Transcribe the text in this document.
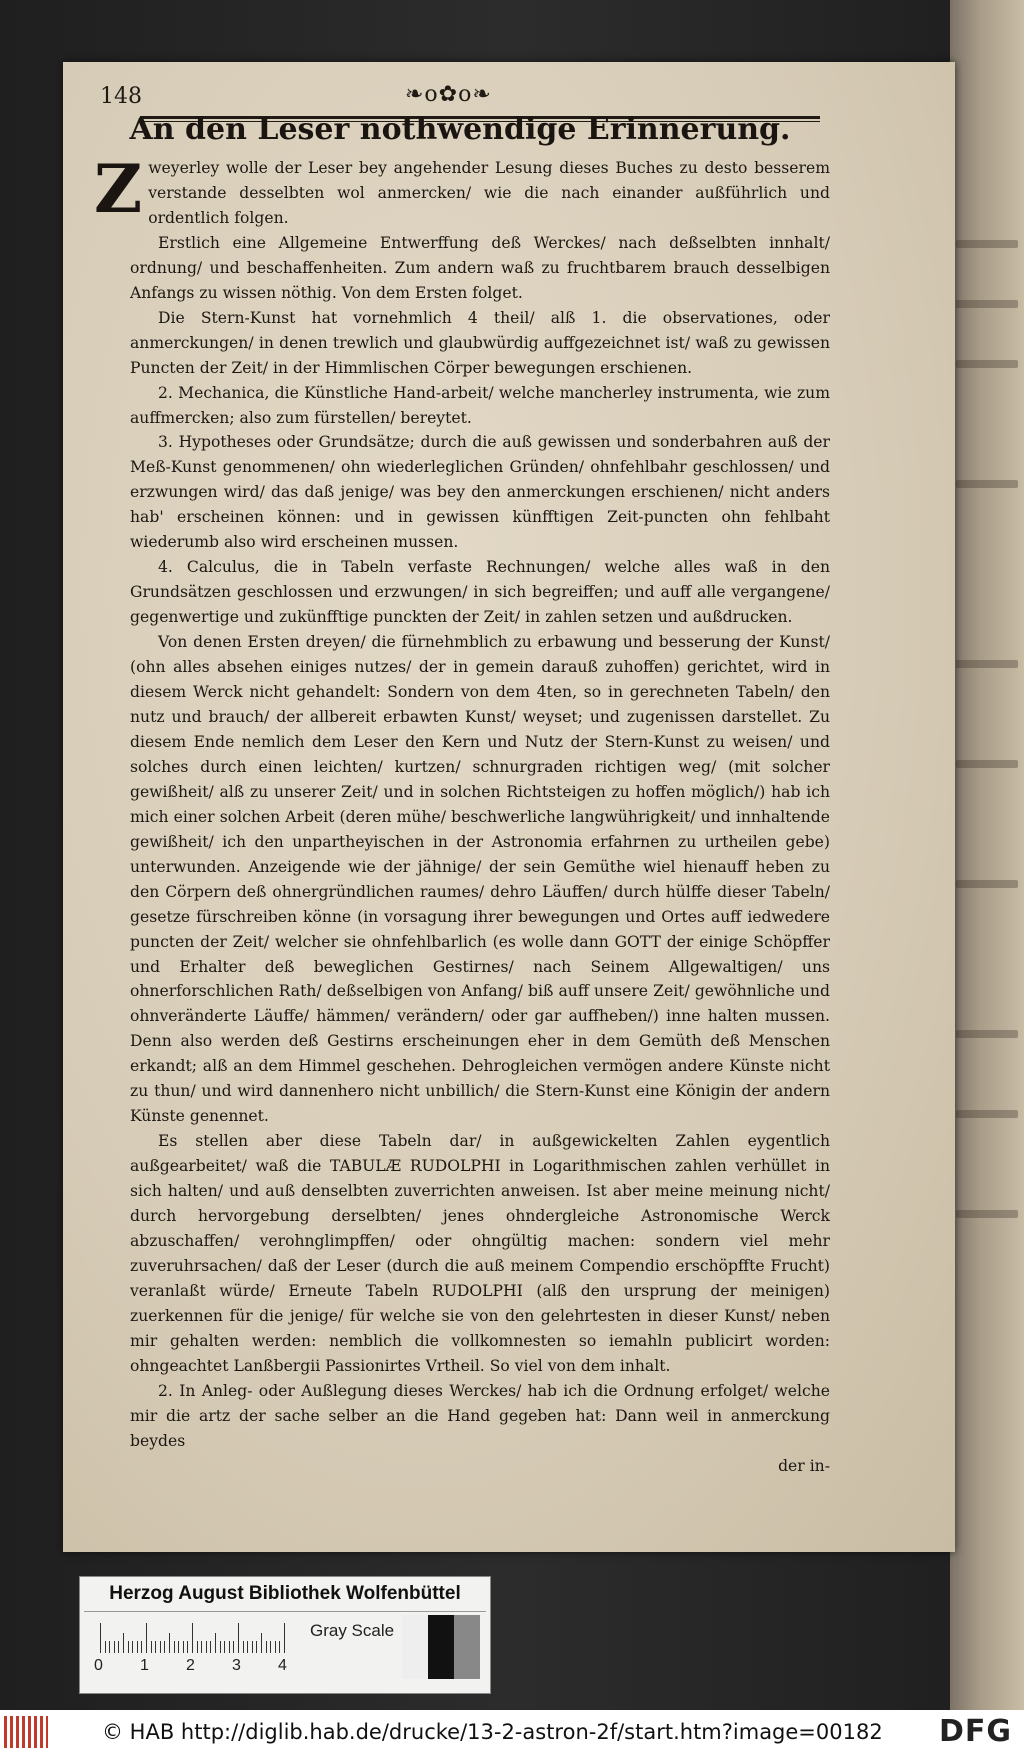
148	❧o✿o❧
An den Leser nothwendige Erinnerung.

Zweyerley wolle der Leser bey angehender Lesung dieses Buches zu desto besserem verstande desselbten wol anmercken/ wie die nach einander außführlich und ordentlich folgen.

Erstlich eine Allgemeine Entwerffung deß Werckes/ nach deßselbten innhalt/ ordnung/ und beschaffenheiten. Zum andern waß zu fruchtbarem brauch desselbigen Anfangs zu wissen nöthig. Von dem Ersten folget.

Die Stern-Kunst hat vornehmlich 4 theil/ alß 1. die observationes, oder anmerckungen/ in denen trewlich und glaubwürdig auffgezeichnet ist/ waß zu gewissen Puncten der Zeit/ in der Himmlischen Cörper bewegungen erschienen.

2. Mechanica, die Künstliche Hand-arbeit/ welche mancherley instrumenta, wie zum auffmercken; also zum fürstellen/ bereytet.

3. Hypotheses oder Grundsätze; durch die auß gewissen und sonderbahren auß der Meß-Kunst genommenen/ ohn wiederleglichen Gründen/ ohnfehlbahr geschlossen/ und erzwungen wird/ das daß jenige/ was bey den anmerckungen erschienen/ nicht anders hab' erscheinen können: und in gewissen künfftigen Zeit-puncten ohn fehlbaht wiederumb also wird erscheinen mussen.

4. Calculus, die in Tabeln verfaste Rechnungen/ welche alles waß in den Grundsätzen geschlossen und erzwungen/ in sich begreiffen; und auff alle vergangene/ gegenwertige und zukünfftige punckten der Zeit/ in zahlen setzen und außdrucken.

Von denen Ersten dreyen/ die fürnehmblich zu erbawung und besserung der Kunst/ (ohn alles absehen einiges nutzes/ der in gemein darauß zuhoffen) gerichtet, wird in diesem Werck nicht gehandelt: Sondern von dem 4ten, so in gerechneten Tabeln/ den nutz und brauch/ der allbereit erbawten Kunst/ weyset; und zugenissen darstellet. Zu diesem Ende nemlich dem Leser den Kern und Nutz der Stern-Kunst zu weisen/ und solches durch einen leichten/ kurtzen/ schnurgraden richtigen weg/ (mit solcher gewißheit/ alß zu unserer Zeit/ und in solchen Richtsteigen zu hoffen möglich/) hab ich mich einer solchen Arbeit (deren mühe/ beschwerliche langwührigkeit/ und innhaltende gewißheit/ ich den unpartheyischen in der Astronomia erfahrnen zu urtheilen gebe) unterwunden. Anzeigende wie der jähnige/ der sein Gemüthe wiel hienauff heben zu den Cörpern deß ohnergründlichen raumes/ dehro Läuffen/ durch hülffe dieser Tabeln/ gesetze fürschreiben könne (in vorsagung ihrer bewegungen und Ortes auff iedwedere puncten der Zeit/ welcher sie ohnfehlbarlich (es wolle dann GOTT der einige Schöpffer und Erhalter deß beweglichen Gestirnes/ nach Seinem Allgewaltigen/ uns ohnerforschlichen Rath/ deßselbigen von Anfang/ biß auff unsere Zeit/ gewöhnliche und ohnveränderte Läuffe/ hämmen/ verändern/ oder gar auffheben/) inne halten mussen. Denn also werden deß Gestirns erscheinungen eher in dem Gemüth deß Menschen erkandt; alß an dem Himmel geschehen. Dehrogleichen vermögen andere Künste nicht zu thun/ und wird dannenhero nicht unbillich/ die Stern-Kunst eine Königin der andern Künste genennet.

Es stellen aber diese Tabeln dar/ in außgewickelten Zahlen eygentlich außgearbeitet/ waß die TABULÆ RUDOLPHI in Logarithmischen zahlen verhüllet in sich halten/ und auß denselbten zuverrichten anweisen. Ist aber meine meinung nicht/ durch hervorgebung derselbten/ jenes ohndergleiche Astronomische Werck abzuschaffen/ verohnglimpffen/ oder ohngültig machen: sondern viel mehr zuveruhrsachen/ daß der Leser (durch die auß meinem Compendio erschöpffte Frucht) veranlaßt würde/ Erneute Tabeln RUDOLPHI (alß den ursprung der meinigen) zuerkennen für die jenige/ für welche sie von den gelehrtesten in dieser Kunst/ neben mir gehalten werden: nemblich die vollkomnesten so iemahln publicirt worden: ohngeachtet Lanßbergii Passionirtes Vrtheil. So viel von dem inhalt.

2. In Anleg- oder Außlegung dieses Werckes/ hab ich die Ordnung erfolget/ welche mir die artz der sache selber an die Hand gegeben hat: Dann weil in anmerckung beydes

der in-

Herzog August Bibliothek Wolfenbüttel
Gray Scale
0 1 2 3 4
© HAB http://diglib.hab.de/drucke/13-2-astron-2f/start.htm?image=00182 DFG
